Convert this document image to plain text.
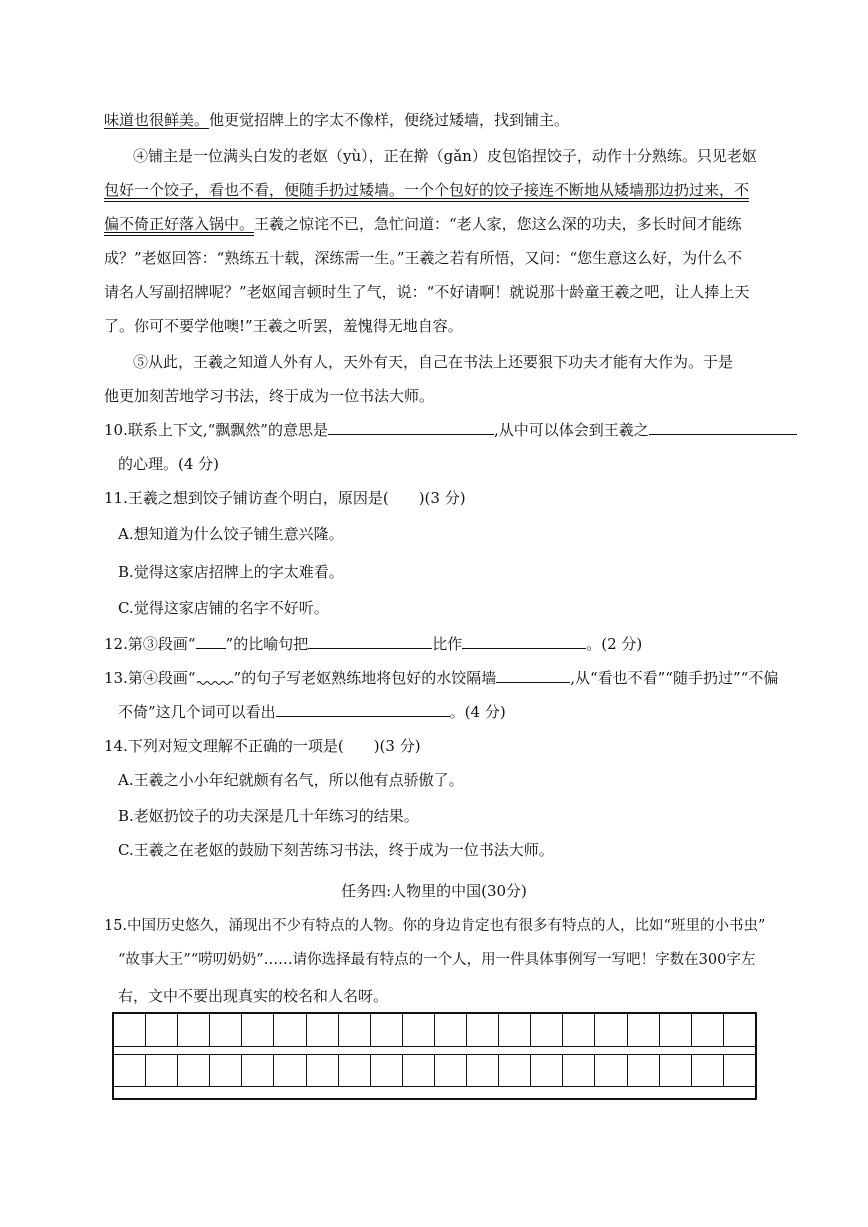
味道也很鲜美。他更觉招牌上的字太不像样，便绕过矮墙，找到铺主。
④铺主是一位满头白发的老妪（yù），正在擀（gǎn）皮包馅捏饺子，动作十分熟练。只见老妪
包好一个饺子，看也不看，便随手扔过矮墙。一个个包好的饺子接连不断地从矮墙那边扔过来，不
偏不倚正好落入锅中。王羲之惊诧不已，急忙问道：“老人家，您这么深的功夫，多长时间才能练
成？”老妪回答：“熟练五十载，深练需一生。”王羲之若有所悟，又问：“您生意这么好，为什么不
请名人写副招牌呢？”老妪闻言顿时生了气，说：“不好请啊！就说那十龄童王羲之吧，让人捧上天
了。你可不要学他噢!”王羲之听罢，羞愧得无地自容。
⑤从此，王羲之知道人外有人，天外有天，自己在书法上还要狠下功夫才能有大作为。于是
他更加刻苦地学习书法，终于成为一位书法大师。
10.联系上下文,“飘飘然”的意思是	,从中可以体会到王羲之
的心理。(4 分)
11.王羲之想到饺子铺访查个明白，原因是(　　)(3 分)
A.想知道为什么饺子铺生意兴隆。
B.觉得这家店招牌上的字太难看。
C.觉得这家店铺的名字不好听。
12.第③段画“ ”的比喻句把	比作	。(2 分)
13.第④段画“	”的句子写老妪熟练地将包好的水饺隔墙	,从“看也不看”“随手扔过”“不偏
不倚”这几个词可以看出	。(4 分)
14.下列对短文理解不正确的一项是(　　)(3 分)
A.王羲之小小年纪就颇有名气，所以他有点骄傲了。
B.老妪扔饺子的功夫深是几十年练习的结果。
C.王羲之在老妪的鼓励下刻苦练习书法，终于成为一位书法大师。
任务四:人物里的中国(30分)
15.中国历史悠久，涌现出不少有特点的人物。你的身边肯定也有很多有特点的人，比如“班里的小书虫”
“故事大王”“唠叨奶奶”……请你选择最有特点的一个人，用一件具体事例写一写吧！字数在300字左
右，文中不要出现真实的校名和人名呀。
